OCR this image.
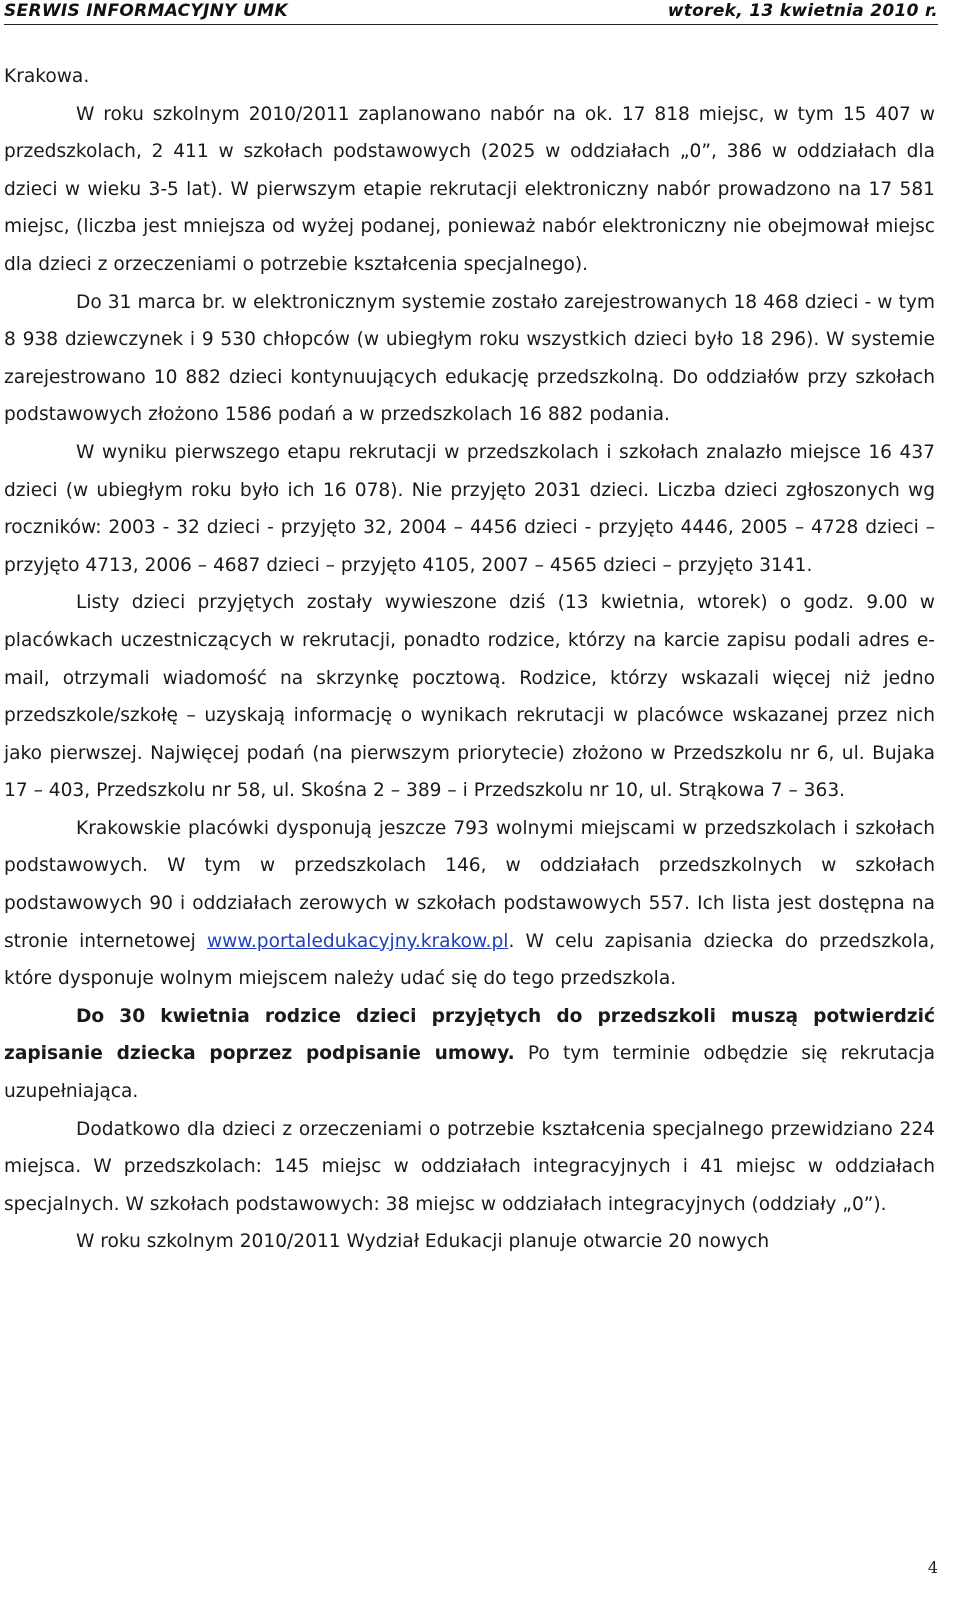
SERWIS INFORMACYJNY UMK	wtorek, 13 kwietnia 2010 r.

Krakowa.

W roku szkolnym 2010/2011 zaplanowano nabór na ok. 17 818 miejsc, w tym 15 407 w przedszkolach, 2 411 w szkołach podstawowych (2025 w oddziałach „0”, 386 w oddziałach dla dzieci w wieku 3-5 lat). W pierwszym etapie rekrutacji elektroniczny nabór prowadzono na 17 581 miejsc, (liczba jest mniejsza od wyżej podanej, ponieważ nabór elektroniczny nie obejmował miejsc dla dzieci z orzeczeniami o potrzebie kształcenia specjalnego).

Do 31 marca br. w elektronicznym systemie zostało zarejestrowanych 18 468 dzieci - w tym 8 938 dziewczynek i 9 530 chłopców (w ubiegłym roku wszystkich dzieci było 18 296). W systemie zarejestrowano 10 882 dzieci kontynuujących edukację przedszkolną. Do oddziałów przy szkołach podstawowych złożono 1586 podań a w przedszkolach 16 882 podania.

W wyniku pierwszego etapu rekrutacji w przedszkolach i szkołach znalazło miejsce 16 437 dzieci (w ubiegłym roku było ich 16 078). Nie przyjęto 2031 dzieci. Liczba dzieci zgłoszonych wg roczników: 2003 - 32 dzieci - przyjęto 32, 2004 – 4456 dzieci - przyjęto 4446, 2005 – 4728 dzieci – przyjęto 4713, 2006 – 4687 dzieci – przyjęto 4105, 2007 – 4565 dzieci – przyjęto 3141.

Listy dzieci przyjętych zostały wywieszone dziś (13 kwietnia, wtorek) o godz. 9.00 w placówkach uczestniczących w rekrutacji, ponadto rodzice, którzy na karcie zapisu podali adres e-mail, otrzymali wiadomość na skrzynkę pocztową. Rodzice, którzy wskazali więcej niż jedno przedszkole/szkołę – uzyskają informację o wynikach rekrutacji w placówce wskazanej przez nich jako pierwszej. Najwięcej podań (na pierwszym priorytecie) złożono w Przedszkolu nr 6, ul. Bujaka 17 – 403, Przedszkolu nr 58, ul. Skośna 2 – 389 – i Przedszkolu nr 10, ul. Strąkowa 7 – 363.

Krakowskie placówki dysponują jeszcze 793 wolnymi miejscami w przedszkolach i szkołach podstawowych. W tym w przedszkolach 146, w oddziałach przedszkolnych w szkołach podstawowych 90 i oddziałach zerowych w szkołach podstawowych 557. Ich lista jest dostępna na stronie internetowej www.portaledukacyjny.krakow.pl. W celu zapisania dziecka do przedszkola, które dysponuje wolnym miejscem należy udać się do tego przedszkola.

Do 30 kwietnia rodzice dzieci przyjętych do przedszkoli muszą potwierdzić zapisanie dziecka poprzez podpisanie umowy. Po tym terminie odbędzie się rekrutacja uzupełniająca.

Dodatkowo dla dzieci z orzeczeniami o potrzebie kształcenia specjalnego przewidziano 224 miejsca. W przedszkolach: 145 miejsc w oddziałach integracyjnych i 41 miejsc w oddziałach specjalnych. W szkołach podstawowych: 38 miejsc w oddziałach integracyjnych (oddziały „0”).

W roku szkolnym 2010/2011 Wydział Edukacji planuje otwarcie 20 nowych

4
